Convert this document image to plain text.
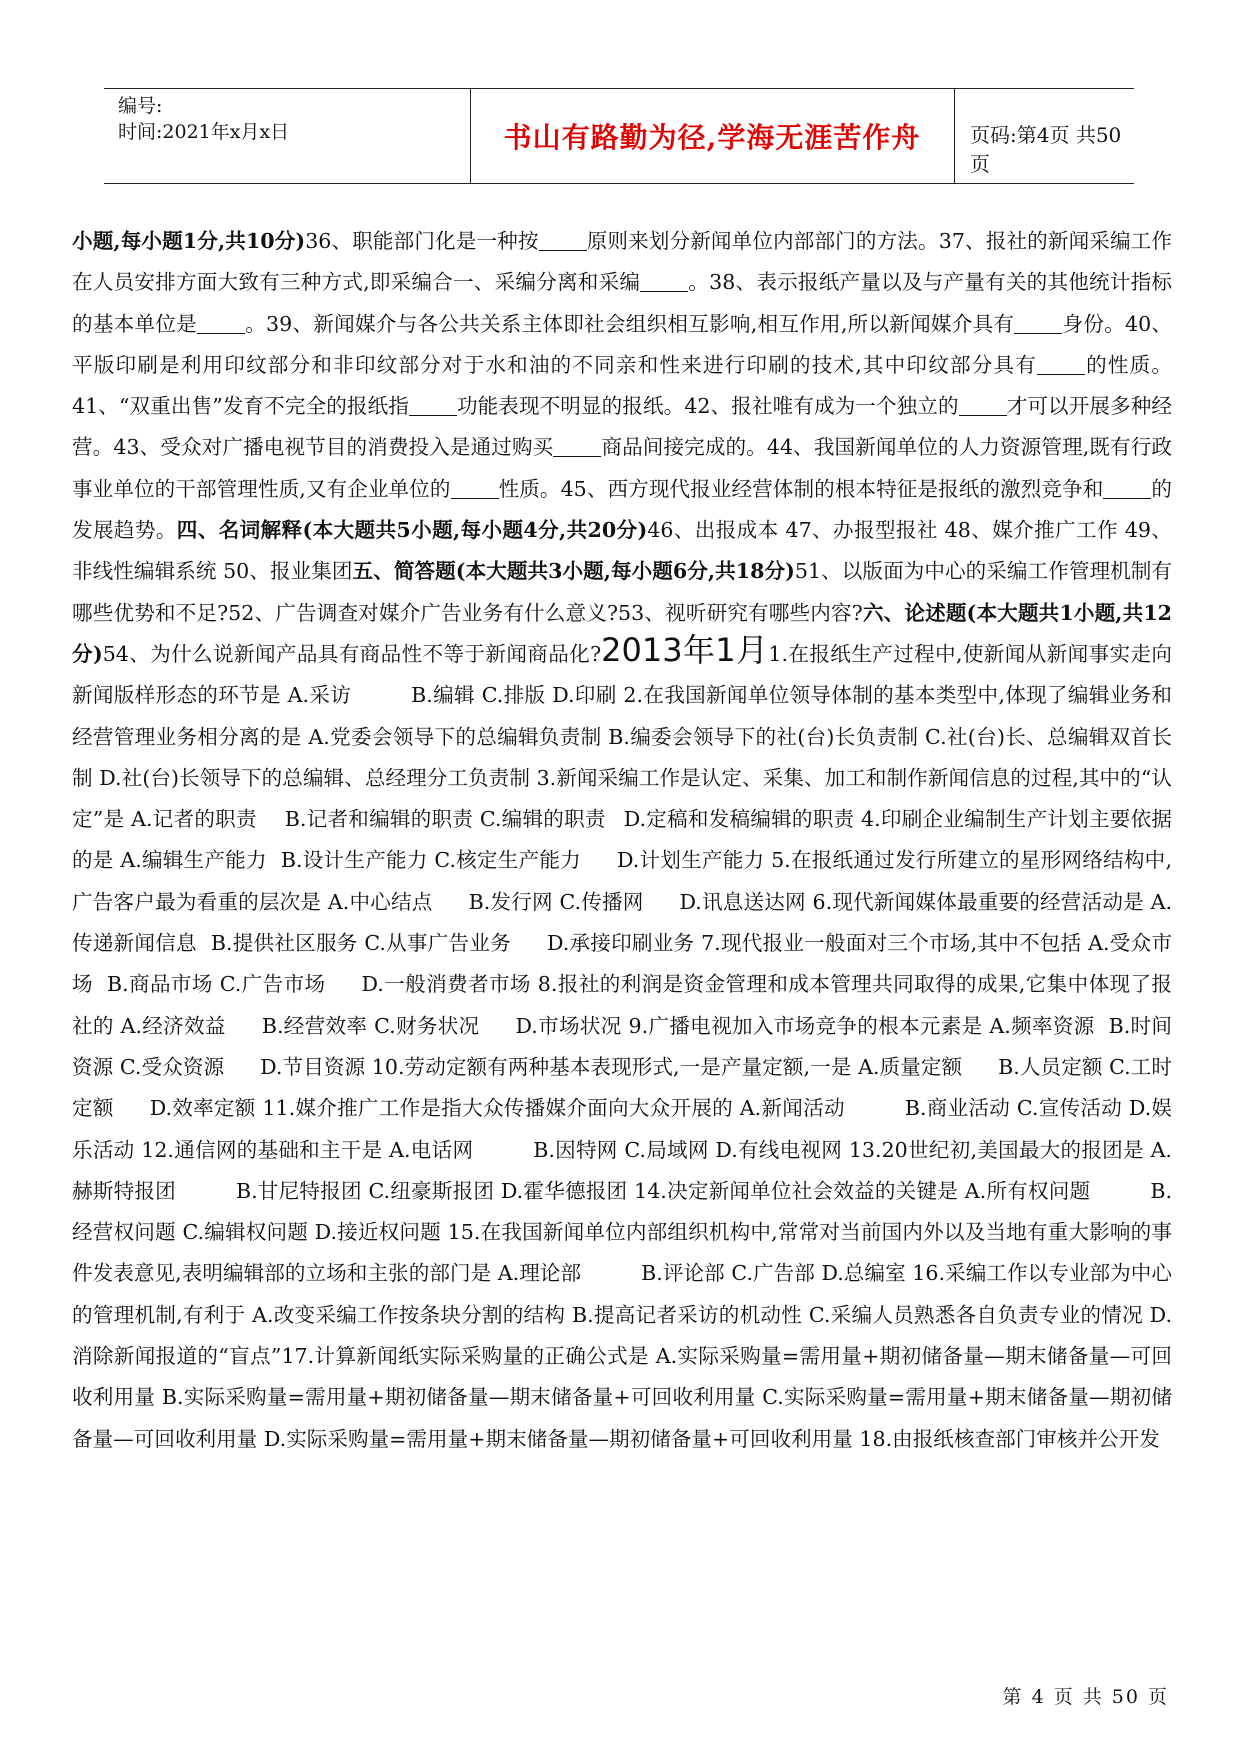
编号:
时间:2021年x月x日	书山有路勤为径,学海无涯苦作舟	页码:第4页 共50页

小题,每小题1分,共10分)36、职能部门化是一种按 原则来划分新闻单位内部部门的方法。37、报社的新闻采编工作在人员安排方面大致有三种方式,即采编合一、采编分离和采编 。38、表示报纸产量以及与产量有关的其他统计指标的基本单位是 。39、新闻媒介与各公共关系主体即社会组织相互影响,相互作用,所以新闻媒介具有 身份。40、平版印刷是利用印纹部分和非印纹部分对于水和油的不同亲和性来进行印刷的技术,其中印纹部分具有 的性质。41、“双重出售”发育不完全的报纸指 功能表现不明显的报纸。42、报社唯有成为一个独立的 才可以开展多种经营。43、受众对广播电视节目的消费投入是通过购买 商品间接完成的。44、我国新闻单位的人力资源管理,既有行政事业单位的干部管理性质,又有企业单位的 性质。45、西方现代报业经营体制的根本特征是报纸的激烈竞争和 的发展趋势。四、名词解释(本大题共5小题,每小题4分,共20分)46、出报成本 47、办报型报社 48、媒介推广工作 49、非线性编辑系统 50、报业集团五、简答题(本大题共3小题,每小题6分,共18分)51、以版面为中心的采编工作管理机制有哪些优势和不足?52、广告调查对媒介广告业务有什么意义?53、视听研究有哪些内容?六、论述题(本大题共1小题,共12分)54、为什么说新闻产品具有商品性不等于新闻商品化?2013年1月1.在报纸生产过程中,使新闻从新闻事实走向新闻版样形态的环节是 A.采访	B.编辑 C.排版 D.印刷 2.在我国新闻单位领导体制的基本类型中,体现了编辑业务和经营管理业务相分离的是 A.党委会领导下的总编辑负责制 B.编委会领导下的社(台)长负责制 C.社(台)长、总编辑双首长制 D.社(台)长领导下的总编辑、总经理分工负责制 3.新闻采编工作是认定、采集、加工和制作新闻信息的过程,其中的“认定”是 A.记者的职责 B.记者和编辑的职责 C.编辑的职责 D.定稿和发稿编辑的职责 4.印刷企业编制生产计划主要依据的是 A.编辑生产能力 B.设计生产能力 C.核定生产能力 D.计划生产能力 5.在报纸通过发行所建立的星形网络结构中,广告客户最为看重的层次是 A.中心结点 B.发行网 C.传播网 D.讯息送达网 6.现代新闻媒体最重要的经营活动是 A.传递新闻信息 B.提供社区服务 C.从事广告业务 D.承接印刷业务 7.现代报业一般面对三个市场,其中不包括 A.受众市场 B.商品市场 C.广告市场 D.一般消费者市场 8.报社的利润是资金管理和成本管理共同取得的成果,它集中体现了报社的 A.经济效益 B.经营效率 C.财务状况 D.市场状况 9.广播电视加入市场竞争的根本元素是 A.频率资源 B.时间资源 C.受众资源 D.节目资源 10.劳动定额有两种基本表现形式,一是产量定额,一是 A.质量定额 B.人员定额 C.工时定额 D.效率定额 11.媒介推广工作是指大众传播媒介面向大众开展的 A.新闻活动	B.商业活动 C.宣传活动 D.娱乐活动 12.通信网的基础和主干是 A.电话网	B.因特网 C.局域网 D.有线电视网 13.20世纪初,美国最大的报团是 A.赫斯特报团	B.甘尼特报团 C.纽豪斯报团 D.霍华德报团 14.决定新闻单位社会效益的关键是 A.所有权问题	B.经营权问题 C.编辑权问题 D.接近权问题 15.在我国新闻单位内部组织机构中,常常对当前国内外以及当地有重大影响的事件发表意见,表明编辑部的立场和主张的部门是 A.理论部	B.评论部 C.广告部 D.总编室 16.采编工作以专业部为中心的管理机制,有利于 A.改变采编工作按条块分割的结构 B.提高记者采访的机动性 C.采编人员熟悉各自负责专业的情况 D.消除新闻报道的“盲点”17.计算新闻纸实际采购量的正确公式是 A.实际采购量=需用量+期初储备量—期末储备量—可回收利用量 B.实际采购量=需用量+期初储备量—期末储备量+可回收利用量 C.实际采购量=需用量+期末储备量—期初储备量—可回收利用量 D.实际采购量=需用量+期末储备量—期初储备量+可回收利用量 18.由报纸核查部门审核并公开发

第 4 页 共 50 页
